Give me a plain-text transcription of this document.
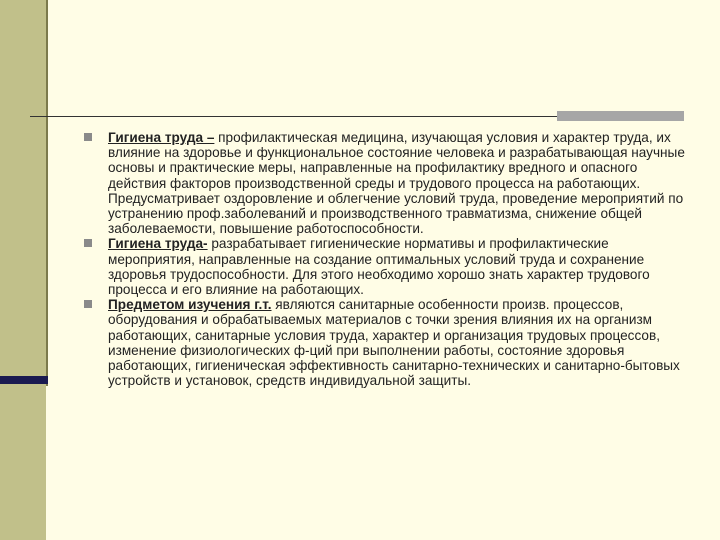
Гигиена труда – профилактическая медицина, изучающая условия и характер труда, их влияние на здоровье и функциональное состояние человека и разрабатывающая научные основы и практические меры, направленные на профилактику вредного и опасного действия факторов производственной среды и трудового процесса на работающих. Предусматривает оздоровление и облегчение условий труда, проведение мероприятий по устранению проф.заболеваний и производственного травматизма, снижение общей заболеваемости, повышение работоспособности.

Гигиена труда- разрабатывает гигиенические нормативы и профилактические мероприятия, направленные на создание оптимальных условий труда и сохранение здоровья трудоспособности. Для этого необходимо хорошо знать характер трудового процесса и его влияние на работающих.

Предметом изучения г.т. являются санитарные особенности произв. процессов, оборудования и обрабатываемых материалов с точки зрения влияния их на организм работающих, санитарные условия труда, характер и организация трудовых процессов, изменение физиологических ф-ций при выполнении работы, состояние здоровья работающих, гигиеническая эффективность санитарно-технических и санитарно-бытовых устройств и установок, средств индивидуальной защиты.
